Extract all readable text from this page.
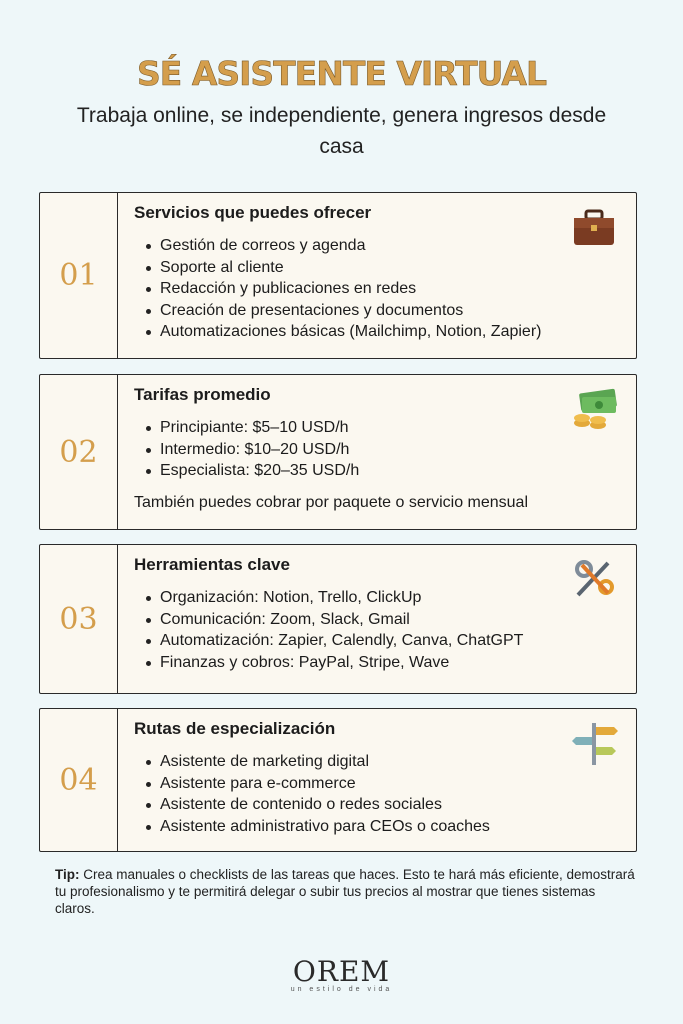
SÉ ASISTENTE VIRTUAL
Trabaja online, se independiente, genera ingresos desde casa
01
Servicios que puedes ofrecer
Gestión de correos y agenda
Soporte al cliente
Redacción y publicaciones en redes
Creación de presentaciones y documentos
Automatizaciones básicas (Mailchimp, Notion, Zapier)
02
Tarifas promedio
Principiante: $5–10 USD/h
Intermedio: $10–20 USD/h
Especialista: $20–35 USD/h
También puedes cobrar por paquete o servicio mensual
03
Herramientas clave
Organización: Notion, Trello, ClickUp
Comunicación: Zoom, Slack, Gmail
Automatización: Zapier, Calendly, Canva, ChatGPT
Finanzas y cobros: PayPal, Stripe, Wave
04
Rutas de especialización
Asistente de marketing digital
Asistente para e-commerce
Asistente de contenido o redes sociales
Asistente administrativo para CEOs o coaches
Tip: Crea manuales o checklists de las tareas que haces. Esto te hará más eficiente, demostrará tu profesionalismo y te permitirá delegar o subir tus precios al mostrar que tienes sistemas claros.
OREM
un estilo de vida
